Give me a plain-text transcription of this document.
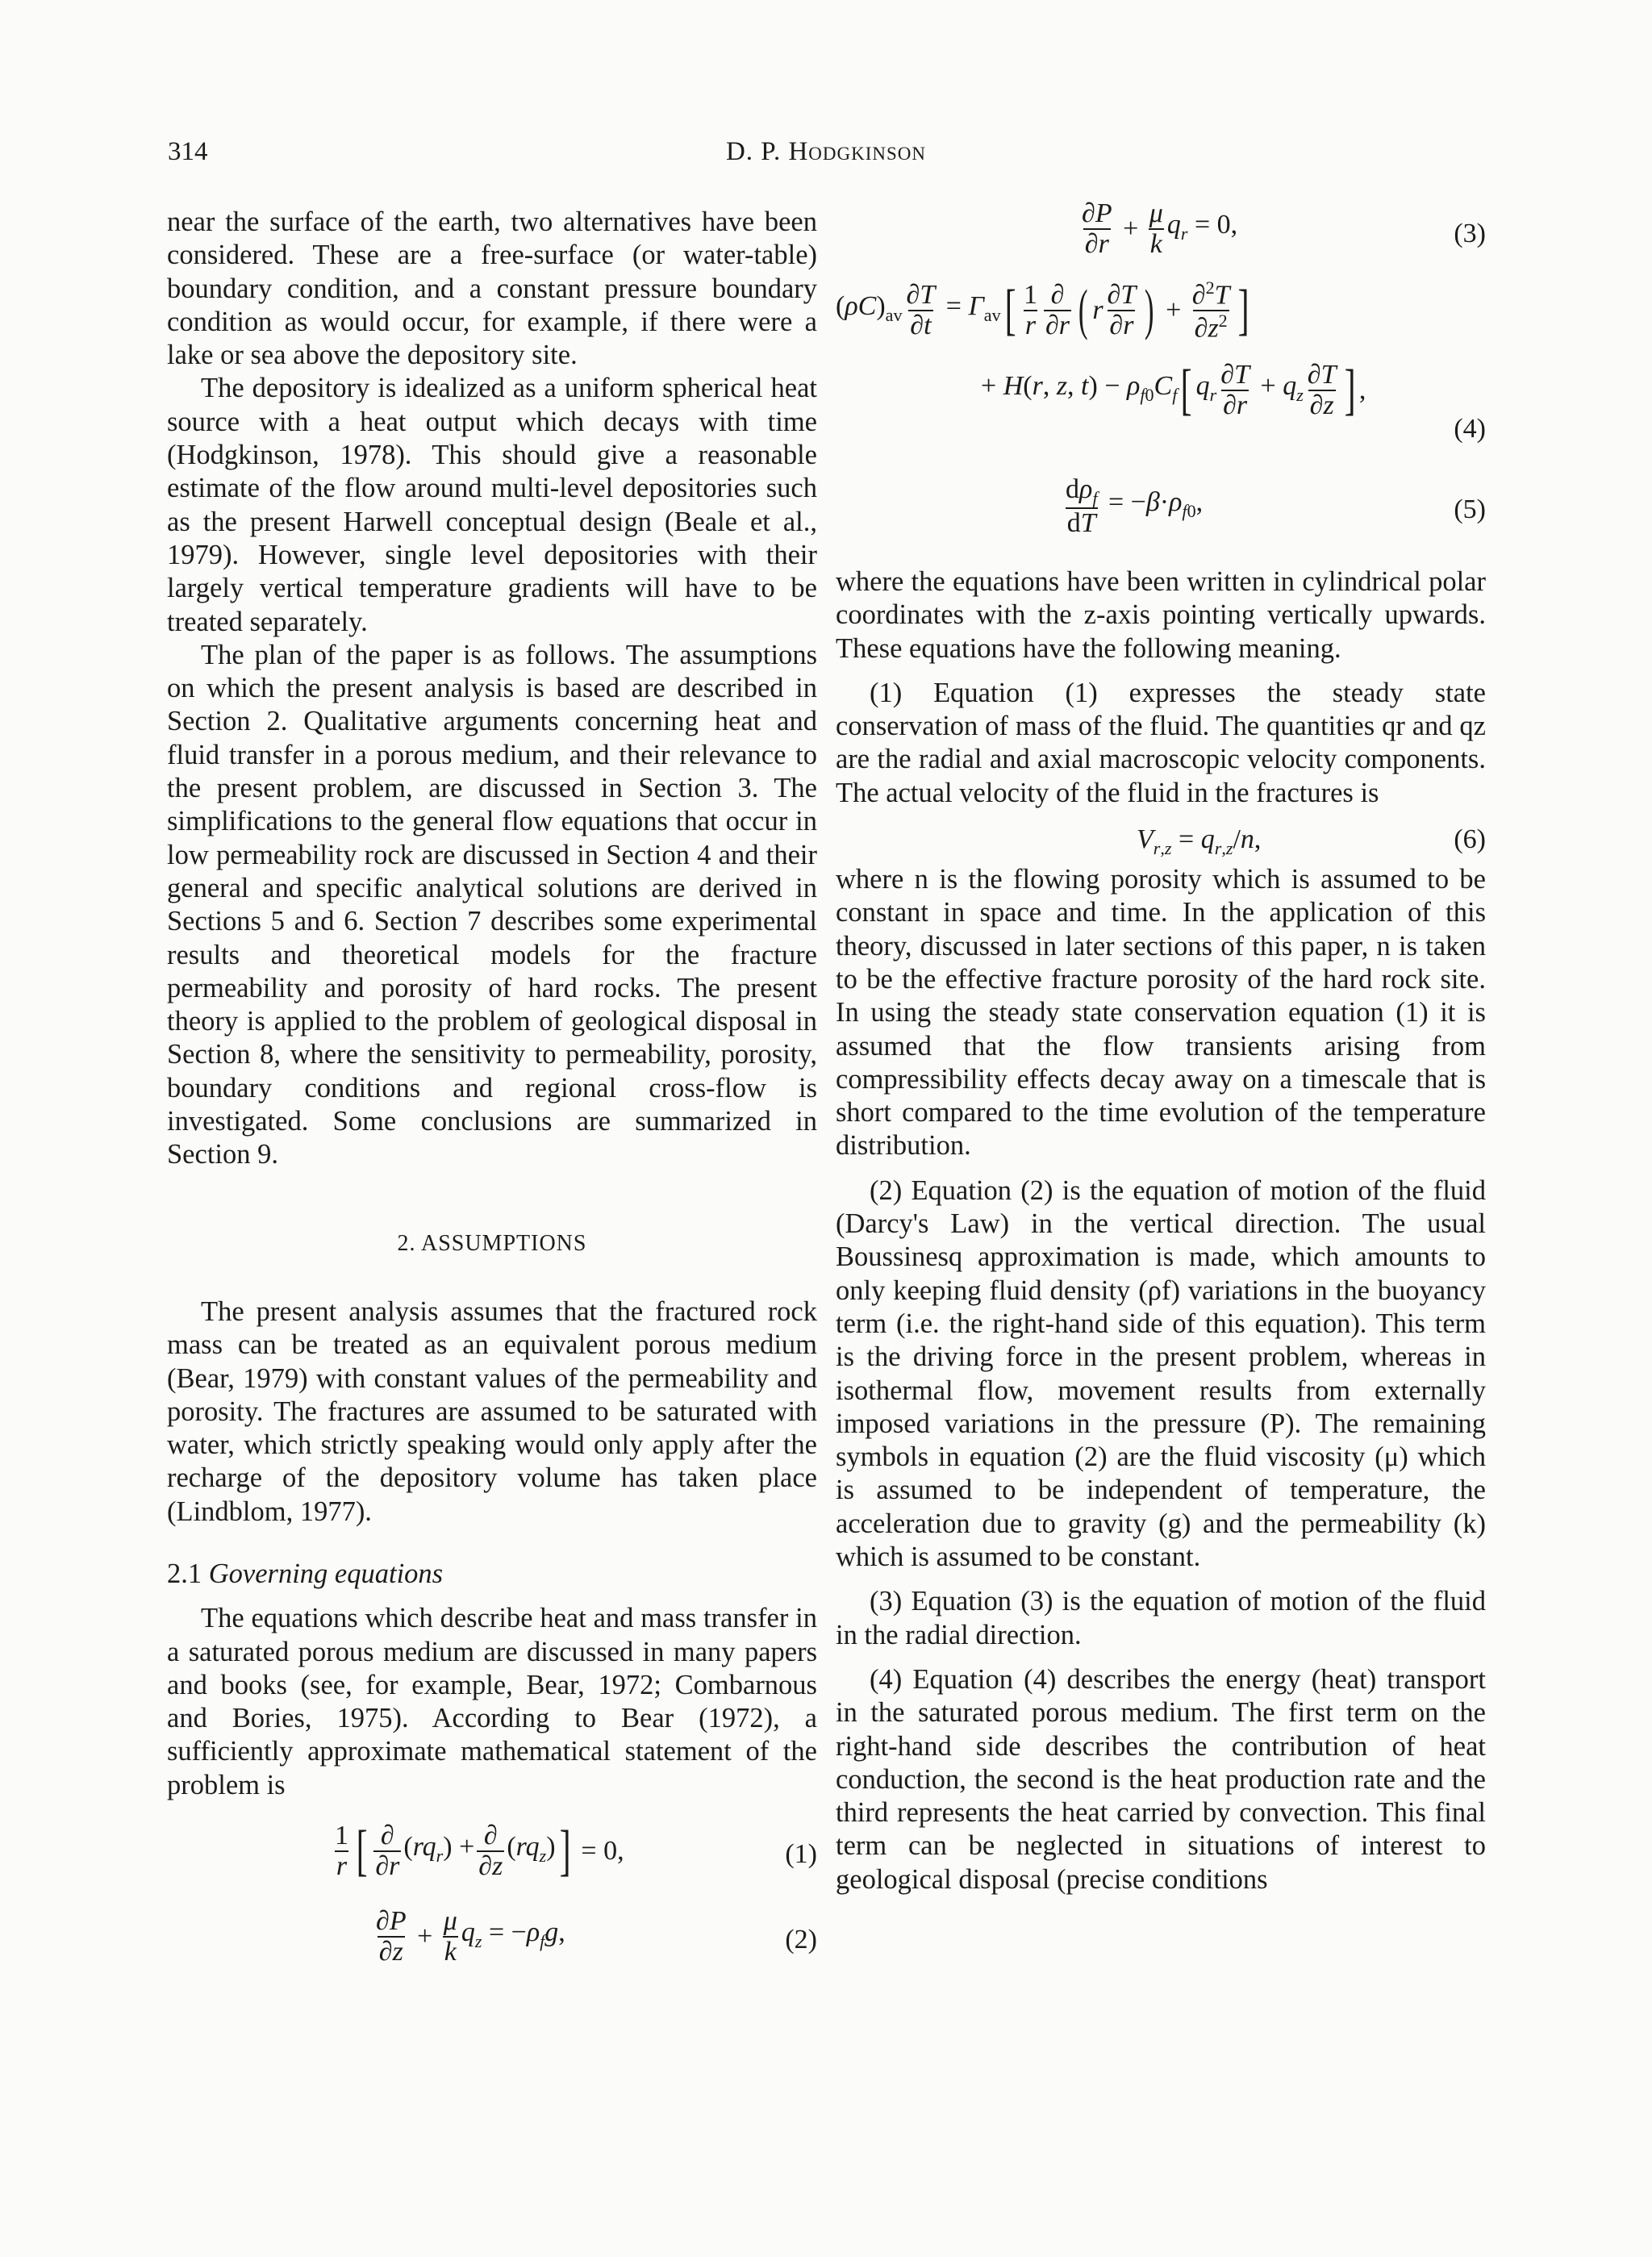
314	D. P. Hodgkinson

near the surface of the earth, two alternatives have been considered. These are a free-surface (or water-table) boundary condition, and a constant pressure boundary condition as would occur, for example, if there were a lake or sea above the depository site.

The depository is idealized as a uniform spherical heat source with a heat output which decays with time (Hodgkinson, 1978). This should give a reasonable estimate of the flow around multi-level depositories such as the present Harwell conceptual design (Beale et al., 1979). However, single level depositories with their largely vertical temperature gradients will have to be treated separately.

The plan of the paper is as follows. The assumptions on which the present analysis is based are described in Section 2. Qualitative arguments concerning heat and fluid transfer in a porous medium, and their relevance to the present problem, are discussed in Section 3. The simplifications to the general flow equations that occur in low permeability rock are discussed in Section 4 and their general and specific analytical solutions are derived in Sections 5 and 6. Section 7 describes some experimental results and theoretical models for the fracture permeability and porosity of hard rocks. The present theory is applied to the problem of geological disposal in Section 8, where the sensitivity to permeability, porosity, boundary conditions and regional cross-flow is investigated. Some conclusions are summarized in Section 9.

2. ASSUMPTIONS

The present analysis assumes that the fractured rock mass can be treated as an equivalent porous medium (Bear, 1979) with constant values of the permeability and porosity. The fractures are assumed to be saturated with water, which strictly speaking would only apply after the recharge of the depository volume has taken place (Lindblom, 1977).

2.1 Governing equations

The equations which describe heat and mass transfer in a saturated porous medium are discussed in many papers and books (see, for example, Bear, 1972; Combarnous and Bories, 1975). According to Bear (1972), a sufficiently approximate mathematical statement of the problem is

$\frac{1}{r}$ [ $\frac{\partial}{\partial r} (rq_r) + \frac{\partial}{\partial z} (rq_z)$ ] = 0,	(1)
$\frac{\partial P}{\partial z} + \frac{\mu}{k} q_z = -\rho_fg$,	(2)
$\frac{\partial P}{\partial r} + \frac{\mu}{k} q_r = 0$,	(3)
$(\rho C)_{av} \frac{\partial T}{\partial t} = \Gamma_{av}$ [ $\frac{1}{r} \frac{\partial}{\partial r}$ ( r $\frac{\partial T}{\partial r}$ ) + $\frac{\partial^2T}{\partial z^2}$ ]
+ H(r, z, $t) - \rho_{f0}C_f$ [ $q_r \frac{\partial T}{\partial r} + q_z \frac{\partial T}{\partial z}$ ] ,
(4)
$\frac{d\rho_f}{dT} = -\beta\cdot\rho_{f0}$,	(5)

where the equations have been written in cylindrical polar coordinates with the z-axis pointing vertically upwards. These equations have the following meaning.

(1) Equation (1) expresses the steady state conservation of mass of the fluid. The quantities qr and qz are the radial and axial macroscopic velocity components. The actual velocity of the fluid in the fractures is

$V_{r,z} = q_{r,z}/n$,	(6)

where n is the flowing porosity which is assumed to be constant in space and time. In the application of this theory, discussed in later sections of this paper, n is taken to be the effective fracture porosity of the hard rock site. In using the steady state conservation equation (1) it is assumed that the flow transients arising from compressibility effects decay away on a timescale that is short compared to the time evolution of the temperature distribution.

(2) Equation (2) is the equation of motion of the fluid (Darcy's Law) in the vertical direction. The usual Boussinesq approximation is made, which amounts to only keeping fluid density (ρf) variations in the buoyancy term (i.e. the right-hand side of this equation). This term is the driving force in the present problem, whereas in isothermal flow, movement results from externally imposed variations in the pressure (P). The remaining symbols in equation (2) are the fluid viscosity (μ) which is assumed to be independent of temperature, the acceleration due to gravity (g) and the permeability (k) which is assumed to be constant.

(3) Equation (3) is the equation of motion of the fluid in the radial direction.

(4) Equation (4) describes the energy (heat) transport in the saturated porous medium. The first term on the right-hand side describes the contribution of heat conduction, the second is the heat production rate and the third represents the heat carried by convection. This final term can be neglected in situations of interest to geological disposal (precise conditions
